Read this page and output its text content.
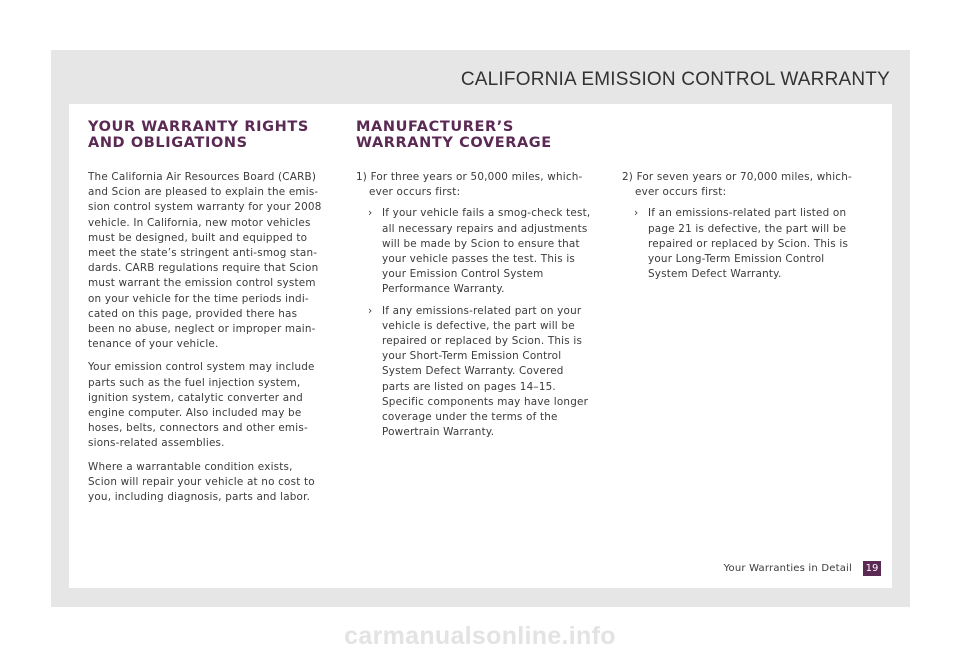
CALIFORNIA EMISSION CONTROL WARRANTY
YOUR WARRANTY RIGHTS
AND OBLIGATIONS
MANUFACTURER’S
WARRANTY COVERAGE

The California Air Resources Board (CARB)
and Scion are pleased to explain the emis-
sion control system warranty for your 2008
vehicle. In California, new motor vehicles
must be designed, built and equipped to
meet the state’s stringent anti-smog stan-
dards. CARB regulations require that Scion
must warrant the emission control system
on your vehicle for the time periods indi-
cated on this page, provided there has
been no abuse, neglect or improper main-
tenance of your vehicle.

Your emission control system may include
parts such as the fuel injection system,
ignition system, catalytic converter and
engine computer. Also included may be
hoses, belts, connectors and other emis-
sions-related assemblies.

Where a warrantable condition exists,
Scion will repair your vehicle at no cost to
you, including diagnosis, parts and labor.

1) For three years or 50,000 miles, which-
ever occurs first:
› If your vehicle fails a smog-check test,
all necessary repairs and adjustments
will be made by Scion to ensure that
your vehicle passes the test. This is
your Emission Control System
Performance Warranty.
› If any emissions-related part on your
vehicle is defective, the part will be
repaired or replaced by Scion. This is
your Short-Term Emission Control
System Defect Warranty. Covered
parts are listed on pages 14–15.
Specific components may have longer
coverage under the terms of the
Powertrain Warranty.
2) For seven years or 70,000 miles, which-
ever occurs first:
› If an emissions-related part listed on
page 21 is defective, the part will be
repaired or replaced by Scion. This is
your Long-Term Emission Control
System Defect Warranty.
Your Warranties in Detail 19
carmanualsonline.info
